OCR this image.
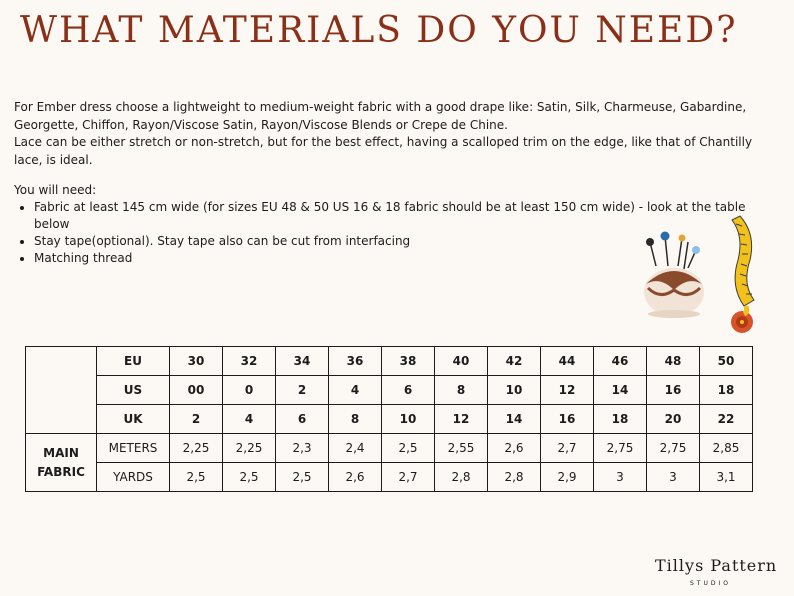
WHAT MATERIALS DO YOU NEED?

For Ember dress choose a lightweight to medium-weight fabric with a good drape like: Satin, Silk, Charmeuse, Gabardine, Georgette, Chiffon, Rayon/Viscose Satin, Rayon/Viscose Blends or Crepe de Chine.

Lace can be either stretch or non-stretch, but for the best effect, having a scalloped trim on the edge, like that of Chantilly lace, is ideal.

You will need:
• Fabric at least 145 cm wide (for sizes EU 48 & 50 US 16 & 18 fabric should be at least 150 cm wide) - look at the table below
• Stay tape(optional). Stay tape also can be cut from interfacing
• Matching thread
	EU	30	32	34	36	38	40	42	44	46	48	50
	US	00	0	2	4	6	8	10	12	14	16	18
	UK	2	4	6	8	10	12	14	16	18	20	22
MAIN FABRIC	METERS	2,25	2,25	2,3	2,4	2,5	2,55	2,6	2,7	2,75	2,75	2,85
	YARDS	2,5	2,5	2,5	2,6	2,7	2,8	2,8	2,9	3	3	3,1
Tillys Pattern
STUDIO
